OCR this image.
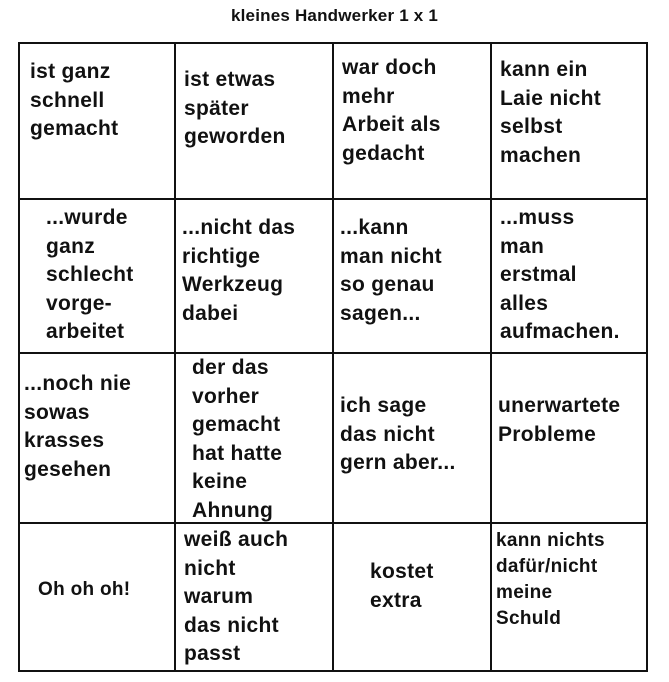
kleines Handwerker 1 x 1
ist ganz
schnell
gemacht
ist etwas
später
geworden
war doch
mehr
Arbeit als
gedacht
kann ein
Laie nicht
selbst
machen
...wurde
ganz
schlecht
vorge-
arbeitet
...nicht das
richtige
Werkzeug
dabei
...kann
man nicht
so genau
sagen...
...muss
man
erstmal
alles
aufmachen.
...noch nie
sowas
krasses
gesehen
der das
vorher
gemacht
hat hatte
keine
Ahnung
ich sage
das nicht
gern aber...
unerwartete
Probleme
Oh oh oh!
weiß auch
nicht
warum
das nicht
passt
kostet
extra
kann nichts
dafür/nicht
meine
Schuld
